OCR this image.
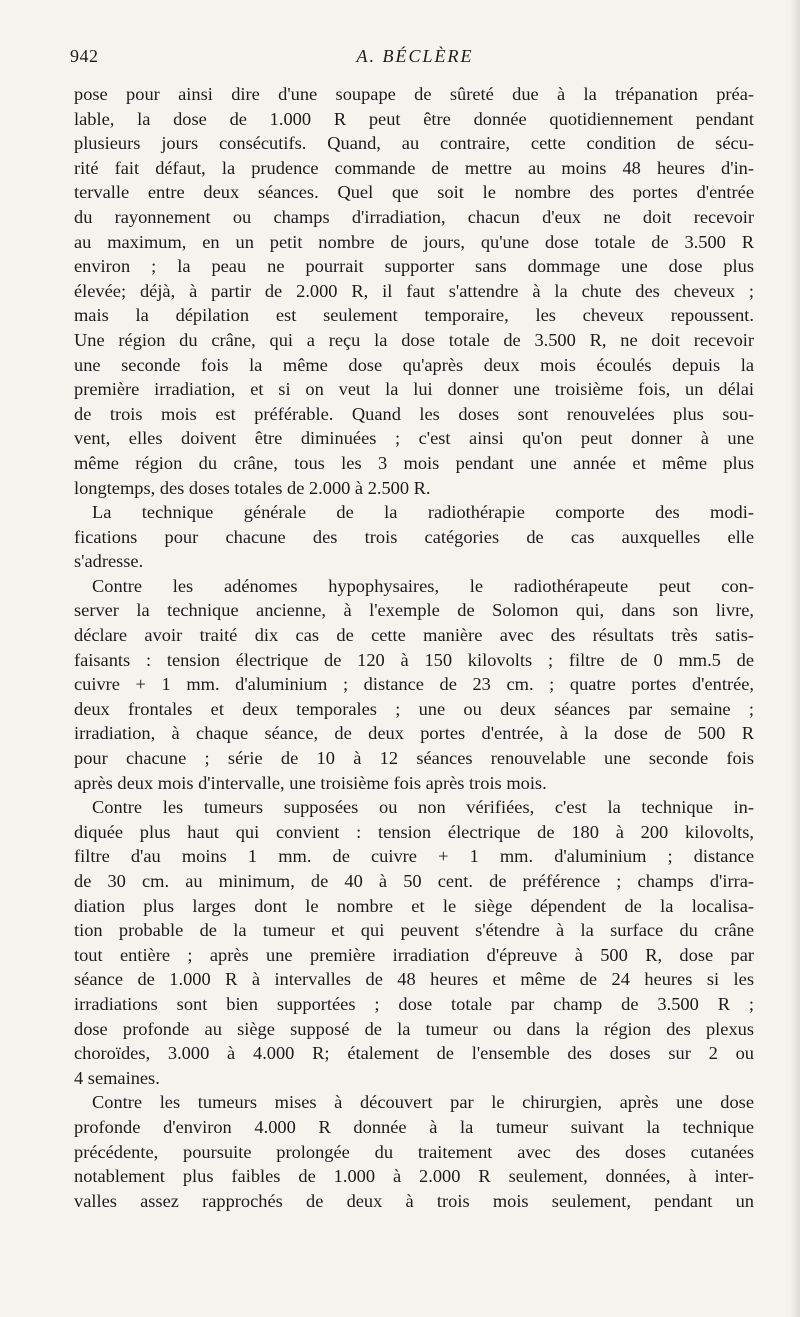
942	A. BÉCLÈRE
pose pour ainsi dire d'une soupape de sûreté due à la trépanation préa-
lable, la dose de 1.000 R peut être donnée quotidiennement pendant
plusieurs jours consécutifs. Quand, au contraire, cette condition de sécu-
rité fait défaut, la prudence commande de mettre au moins 48 heures d'in-
tervalle entre deux séances. Quel que soit le nombre des portes d'entrée
du rayonnement ou champs d'irradiation, chacun d'eux ne doit recevoir
au maximum, en un petit nombre de jours, qu'une dose totale de 3.500 R
environ ; la peau ne pourrait supporter sans dommage une dose plus
élevée; déjà, à partir de 2.000 R, il faut s'attendre à la chute des cheveux ;
mais la dépilation est seulement temporaire, les cheveux repoussent.
Une région du crâne, qui a reçu la dose totale de 3.500 R, ne doit recevoir
une seconde fois la même dose qu'après deux mois écoulés depuis la
première irradiation, et si on veut la lui donner une troisième fois, un délai
de trois mois est préférable. Quand les doses sont renouvelées plus sou-
vent, elles doivent être diminuées ; c'est ainsi qu'on peut donner à une
même région du crâne, tous les 3 mois pendant une année et même plus
longtemps, des doses totales de 2.000 à 2.500 R.
La technique générale de la radiothérapie comporte des modi-
fications pour chacune des trois catégories de cas auxquelles elle
s'adresse.
Contre les adénomes hypophysaires, le radiothérapeute peut con-
server la technique ancienne, à l'exemple de Solomon qui, dans son livre,
déclare avoir traité dix cas de cette manière avec des résultats très satis-
faisants : tension électrique de 120 à 150 kilovolts ; filtre de 0 mm.5 de
cuivre + 1 mm. d'aluminium ; distance de 23 cm. ; quatre portes d'entrée,
deux frontales et deux temporales ; une ou deux séances par semaine ;
irradiation, à chaque séance, de deux portes d'entrée, à la dose de 500 R
pour chacune ; série de 10 à 12 séances renouvelable une seconde fois
après deux mois d'intervalle, une troisième fois après trois mois.
Contre les tumeurs supposées ou non vérifiées, c'est la technique in-
diquée plus haut qui convient : tension électrique de 180 à 200 kilovolts,
filtre d'au moins 1 mm. de cuivre + 1 mm. d'aluminium ; distance
de 30 cm. au minimum, de 40 à 50 cent. de préférence ; champs d'irra-
diation plus larges dont le nombre et le siège dépendent de la localisa-
tion probable de la tumeur et qui peuvent s'étendre à la surface du crâne
tout entière ; après une première irradiation d'épreuve à 500 R, dose par
séance de 1.000 R à intervalles de 48 heures et même de 24 heures si les
irradiations sont bien supportées ; dose totale par champ de 3.500 R ;
dose profonde au siège supposé de la tumeur ou dans la région des plexus
choroïdes, 3.000 à 4.000 R; étalement de l'ensemble des doses sur 2 ou
4 semaines.
Contre les tumeurs mises à découvert par le chirurgien, après une dose
profonde d'environ 4.000 R donnée à la tumeur suivant la technique
précédente, poursuite prolongée du traitement avec des doses cutanées
notablement plus faibles de 1.000 à 2.000 R seulement, données, à inter-
valles assez rapprochés de deux à trois mois seulement, pendant un
